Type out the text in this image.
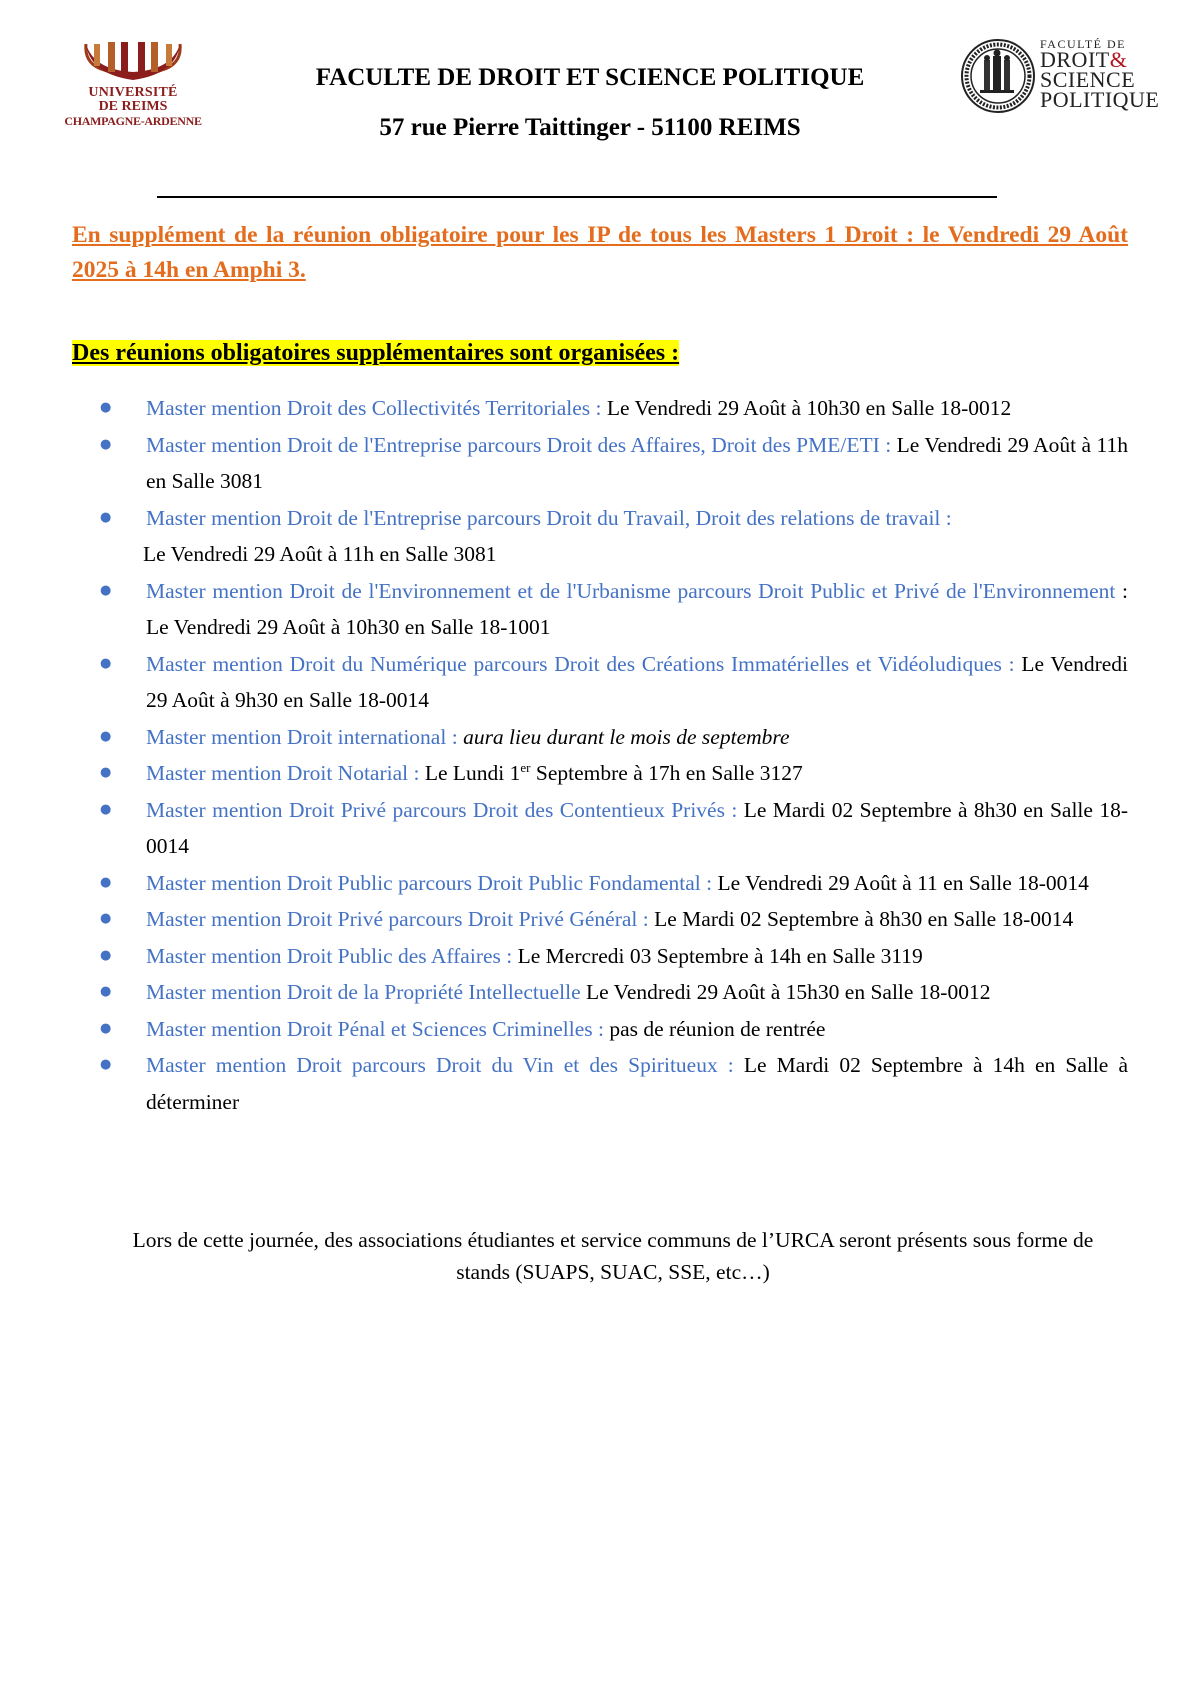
UNIVERSITÉ
DE REIMS
CHAMPAGNE-ARDENNE
FACULTE DE DROIT ET SCIENCE POLITIQUE
57 rue Pierre Taittinger - 51100 REIMS
FACULTÉ DE
DROIT&
SCIENCE
POLITIQUE
En supplément de la réunion obligatoire pour les IP de tous les Masters 1 Droit : le Vendredi 29 Août 2025 à 14h en Amphi 3.
Des réunions obligatoires supplémentaires sont organisées :
● Master mention Droit des Collectivités Territoriales : Le Vendredi 29 Août à 10h30 en Salle 18-0012
● Master mention Droit de l'Entreprise parcours Droit des Affaires, Droit des PME/ETI : Le Vendredi 29 Août à 11h en Salle 3081
● Master mention Droit de l'Entreprise parcours Droit du Travail, Droit des relations de travail :
Le Vendredi 29 Août à 11h en Salle 3081
● Master mention Droit de l'Environnement et de l'Urbanisme parcours Droit Public et Privé de l'Environnement : Le Vendredi 29 Août à 10h30 en Salle 18-1001
● Master mention Droit du Numérique parcours Droit des Créations Immatérielles et Vidéoludiques : Le Vendredi 29 Août à 9h30 en Salle 18-0014
● Master mention Droit international : aura lieu durant le mois de septembre
● Master mention Droit Notarial : Le Lundi 1er Septembre à 17h en Salle 3127
● Master mention Droit Privé parcours Droit des Contentieux Privés : Le Mardi 02 Septembre à 8h30 en Salle 18-0014
● Master mention Droit Public parcours Droit Public Fondamental : Le Vendredi 29 Août à 11 en Salle 18-0014
● Master mention Droit Privé parcours Droit Privé Général : Le Mardi 02 Septembre à 8h30 en Salle 18-0014
● Master mention Droit Public des Affaires : Le Mercredi 03 Septembre à 14h en Salle 3119
● Master mention Droit de la Propriété Intellectuelle Le Vendredi 29 Août à 15h30 en Salle 18-0012
● Master mention Droit Pénal et Sciences Criminelles : pas de réunion de rentrée
● Master mention Droit parcours Droit du Vin et des Spiritueux : Le Mardi 02 Septembre à 14h en Salle à déterminer
Lors de cette journée, des associations étudiantes et service communs de l’URCA seront présents sous forme de stands (SUAPS, SUAC, SSE, etc…)
